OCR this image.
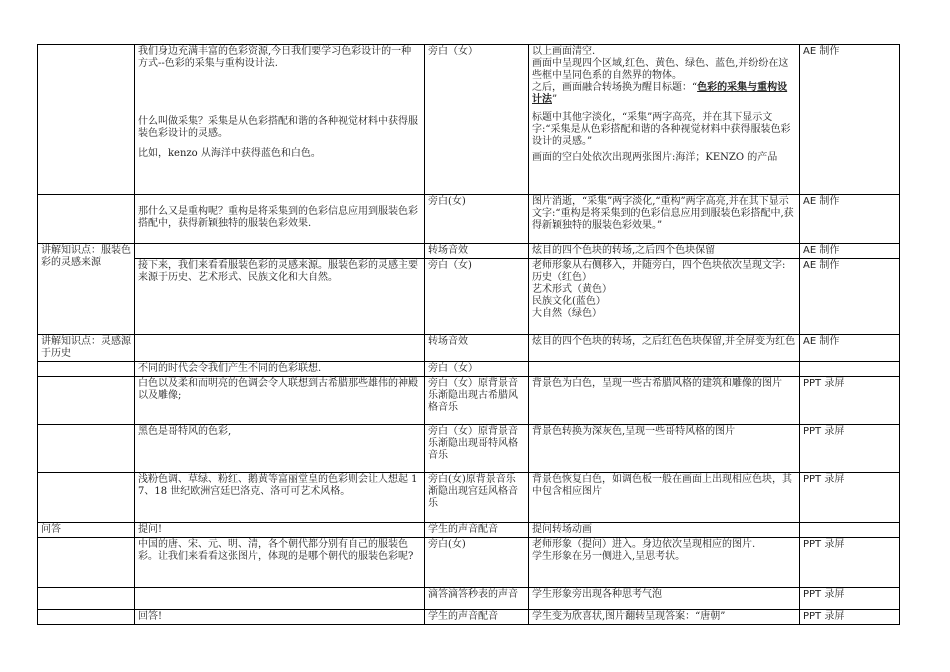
	我们身边充满丰富的色彩资源,今日我们要学习色彩设计的一种方式--色彩的采集与重构设计法.
什么叫做采集？采集是从色彩搭配和谐的各种视觉材料中获得服装色彩设计的灵感。
比如，kenzo 从海洋中获得蓝色和白色。	旁白（女）	以上画面清空.
画面中呈现四个区域,红色、黄色、绿色、蓝色,并纷纷在这些框中呈同色系的自然界的物体。
之后，画面融合转场换为醒目标题：“色彩的采集与重构设计法”
标题中其他字淡化，“采集”两字高亮，并在其下显示文字:“采集是从色彩搭配和谐的各种视觉材料中获得服装色彩设计的灵感。”
画面的空白处依次出现两张图片:海洋；KENZO 的产品	AE 制作

	那什么又是重构呢？重构是将采集到的色彩信息应用到服装色彩搭配中，获得新颖独特的服装色彩效果.	旁白(女)	图片消逝，“采集”两字淡化,“重构”两字高亮,并在其下显示文字:“重构是将采集到的色彩信息应用到服装色彩搭配中,获得新颖独特的服装色彩效果。”	AE 制作
讲解知识点：服装色彩的灵感来源		转场音效	炫目的四个色块的转场,之后四个色块保留	AE 制作

	接下来，我们来看看服装色彩的灵感来源。服装色彩的灵感主要来源于历史、艺术形式、民族文化和大自然。	旁白（女)	老师形象从右侧移入，并随旁白，四个色块依次呈现文字:
历史（红色）
艺术形式（黄色）
民族文化(蓝色）
大自然（绿色）	AE 制作
讲解知识点：灵感源于历史		转场音效	炫目的四个色块的转场，之后红色色块保留,并全屏变为红色	AE 制作
	不同的时代会令我们产生不同的色彩联想.	旁白（女）		

	白色以及柔和而明亮的色调会令人联想到古希腊那些雄伟的神殿以及雕像;	旁白（女）原背景音乐渐隐出现古希腊风格音乐	背景色为白色，呈现一些古希腊风格的建筑和雕像的图片	PPT 录屏

	黑色是哥特风的色彩,	旁白（女）原背景音乐渐隐出现哥特风格音乐	背景色转换为深灰色,呈现一些哥特风格的图片	PPT 录屏

	浅粉色调、草绿、粉红、鹅黄等富丽堂皇的色彩则会让人想起 17、18 世纪欧洲宫廷巴洛克、洛可可艺术风格。	旁白(女)原背景音乐渐隐出现宫廷风格音乐	背景色恢复白色，如调色板一般在画面上出现相应色块，其中包含相应图片	PPT 录屏
问答	提问!	学生的声音配音	提问转场动画	

	中国的唐、宋、元、明、清，各个朝代都分别有自己的服装色彩。让我们来看看这张图片，体现的是哪个朝代的服装色彩呢?	旁白(女)	老师形象（提问）进入。身边依次呈现相应的图片.
学生形象在另一侧进入,呈思考状。	PPT 录屏

		滴答滴答秒表的声音	学生形象旁出现各种思考气泡	PPT 录屏
	回答!	学生的声音配音	学生变为欣喜状,图片翻转呈现答案：“唐朝”	PPT 录屏
